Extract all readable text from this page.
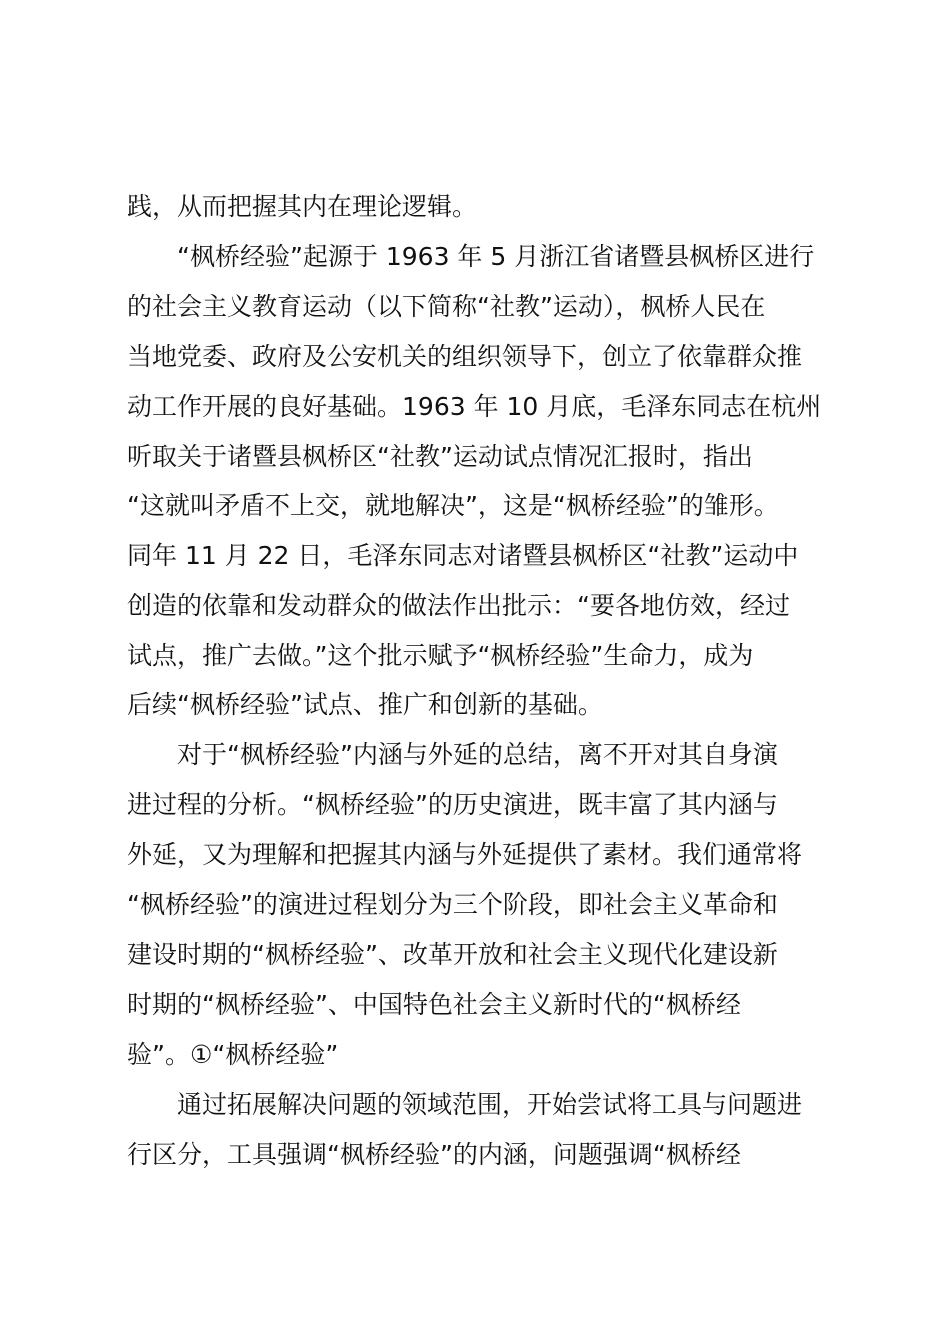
践，从而把握其内在理论逻辑。
“枫桥经验”起源于 1963 年 5 月浙江省诸暨县枫桥区进行
的社会主义教育运动（以下简称“社教”运动），枫桥人民在
当地党委、政府及公安机关的组织领导下，创立了依靠群众推
动工作开展的良好基础。1963 年 10 月底，毛泽东同志在杭州
听取关于诸暨县枫桥区“社教”运动试点情况汇报时，指出
“这就叫矛盾不上交，就地解决”，这是“枫桥经验”的雏形。
同年 11 月 22 日，毛泽东同志对诸暨县枫桥区“社教”运动中
创造的依靠和发动群众的做法作出批示：“要各地仿效，经过
试点，推广去做。”这个批示赋予“枫桥经验”生命力，成为
后续“枫桥经验”试点、推广和创新的基础。
对于“枫桥经验”内涵与外延的总结，离不开对其自身演
进过程的分析。“枫桥经验”的历史演进，既丰富了其内涵与
外延，又为理解和把握其内涵与外延提供了素材。我们通常将
“枫桥经验”的演进过程划分为三个阶段，即社会主义革命和
建设时期的“枫桥经验”、改革开放和社会主义现代化建设新
时期的“枫桥经验”、中国特色社会主义新时代的“枫桥经
验”。①“枫桥经验”
通过拓展解决问题的领域范围，开始尝试将工具与问题进
行区分，工具强调“枫桥经验”的内涵，问题强调“枫桥经
